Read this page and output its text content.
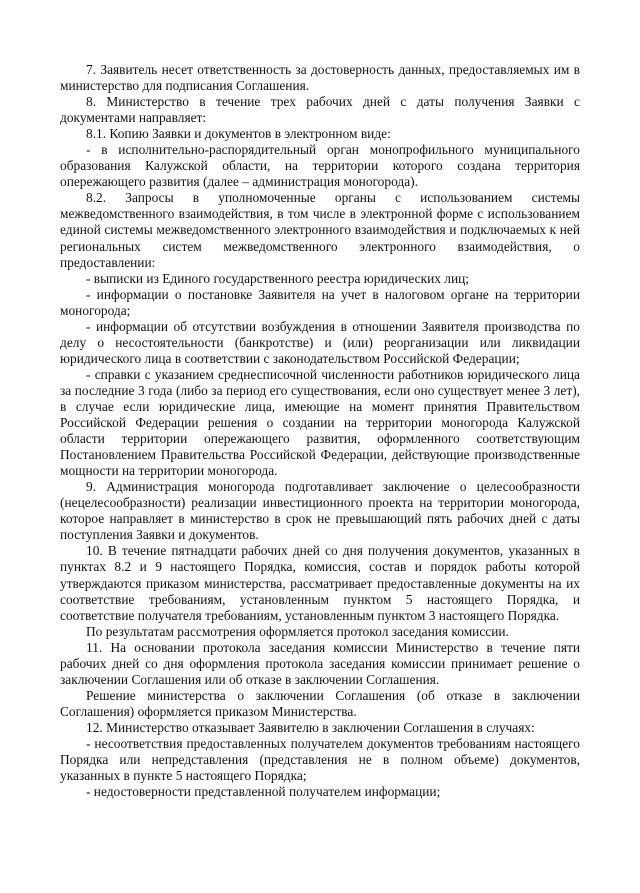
7. Заявитель несет ответственность за достоверность данных, предоставляемых им в министерство для подписания Соглашения.

8. Министерство в течение трех рабочих дней с даты получения Заявки с документами направляет:

8.1. Копию Заявки и документов в электронном виде:

- в исполнительно-распорядительный орган монопрофильного муниципального образования Калужской области, на территории которого создана территория опережающего развития (далее – администрация моногорода).

8.2. Запросы в уполномоченные органы с использованием системы межведомственного взаимодействия, в том числе в электронной форме с использованием единой системы межведомственного электронного взаимодействия и подключаемых к ней региональных систем межведомственного электронного взаимодействия, о предоставлении:

- выписки из Единого государственного реестра юридических лиц;

- информации о постановке Заявителя на учет в налоговом органе на территории моногорода;

- информации об отсутствии возбуждения в отношении Заявителя производства по делу о несостоятельности (банкротстве) и (или) реорганизации или ликвидации юридического лица в соответствии с законодательством Российской Федерации;

- справки с указанием среднесписочной численности работников юридического лица за последние 3 года (либо за период его существования, если оно существует менее 3 лет), в случае если юридические лица, имеющие на момент принятия Правительством Российской Федерации решения о создании на территории моногорода Калужской области территории опережающего развития, оформленного соответствующим Постановлением Правительства Российской Федерации, действующие производственные мощности на территории моногорода.

9. Администрация моногорода подготавливает заключение о целесообразности (нецелесообразности) реализации инвестиционного проекта на территории моногорода, которое направляет в министерство в срок не превышающий пять рабочих дней с даты поступления Заявки и документов.

10. В течение пятнадцати рабочих дней со дня получения документов, указанных в пунктах 8.2 и 9 настоящего Порядка, комиссия, состав и порядок работы которой утверждаются приказом министерства, рассматривает предоставленные документы на их соответствие требованиям, установленным пунктом 5 настоящего Порядка, и соответствие получателя требованиям, установленным пунктом 3 настоящего Порядка.

По результатам рассмотрения оформляется протокол заседания комиссии.

11. На основании протокола заседания комиссии Министерство в течение пяти рабочих дней со дня оформления протокола заседания комиссии принимает решение о заключении Соглашения или об отказе в заключении Соглашения.

Решение министерства о заключении Соглашения (об отказе в заключении Соглашения) оформляется приказом Министерства.

12. Министерство отказывает Заявителю в заключении Соглашения в случаях:

- несоответствия предоставленных получателем документов требованиям настоящего Порядка или непредставления (представления не в полном объеме) документов, указанных в пункте 5 настоящего Порядка;

- недостоверности представленной получателем информации;
